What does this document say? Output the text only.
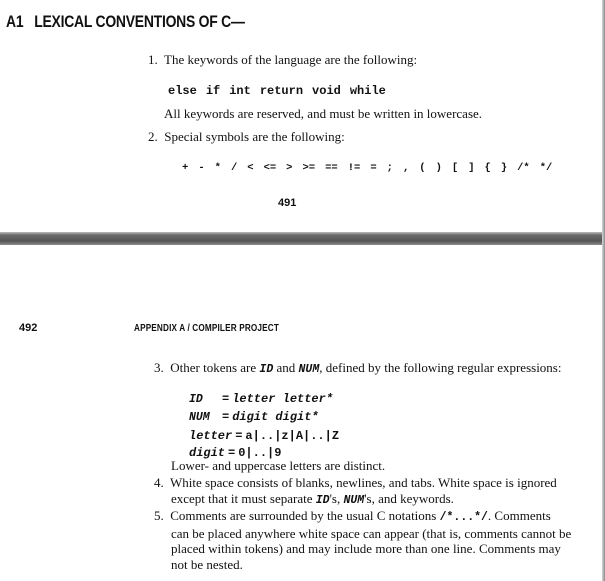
A1 LEXICAL CONVENTIONS OF C—
1. The keywords of the language are the following:
else if int return void while
All keywords are reserved, and must be written in lowercase.
2. Special symbols are the following:
+ - * / < <= > >= == != = ; , ( ) [ ] { } /* */
491
492	APPENDIX A / COMPILER PROJECT
3. Other tokens are ID and NUM, defined by the following regular expressions:
ID = letter letter*
NUM = digit digit*
letter = a|..|z|A|..|Z
digit = 0|..|9
Lower- and uppercase letters are distinct.
4. White space consists of blanks, newlines, and tabs. White space is ignored
except that it must separate ID's, NUM's, and keywords.
5. Comments are surrounded by the usual C notations /*...*/. Comments
can be placed anywhere white space can appear (that is, comments cannot be
placed within tokens) and may include more than one line. Comments may
not be nested.
